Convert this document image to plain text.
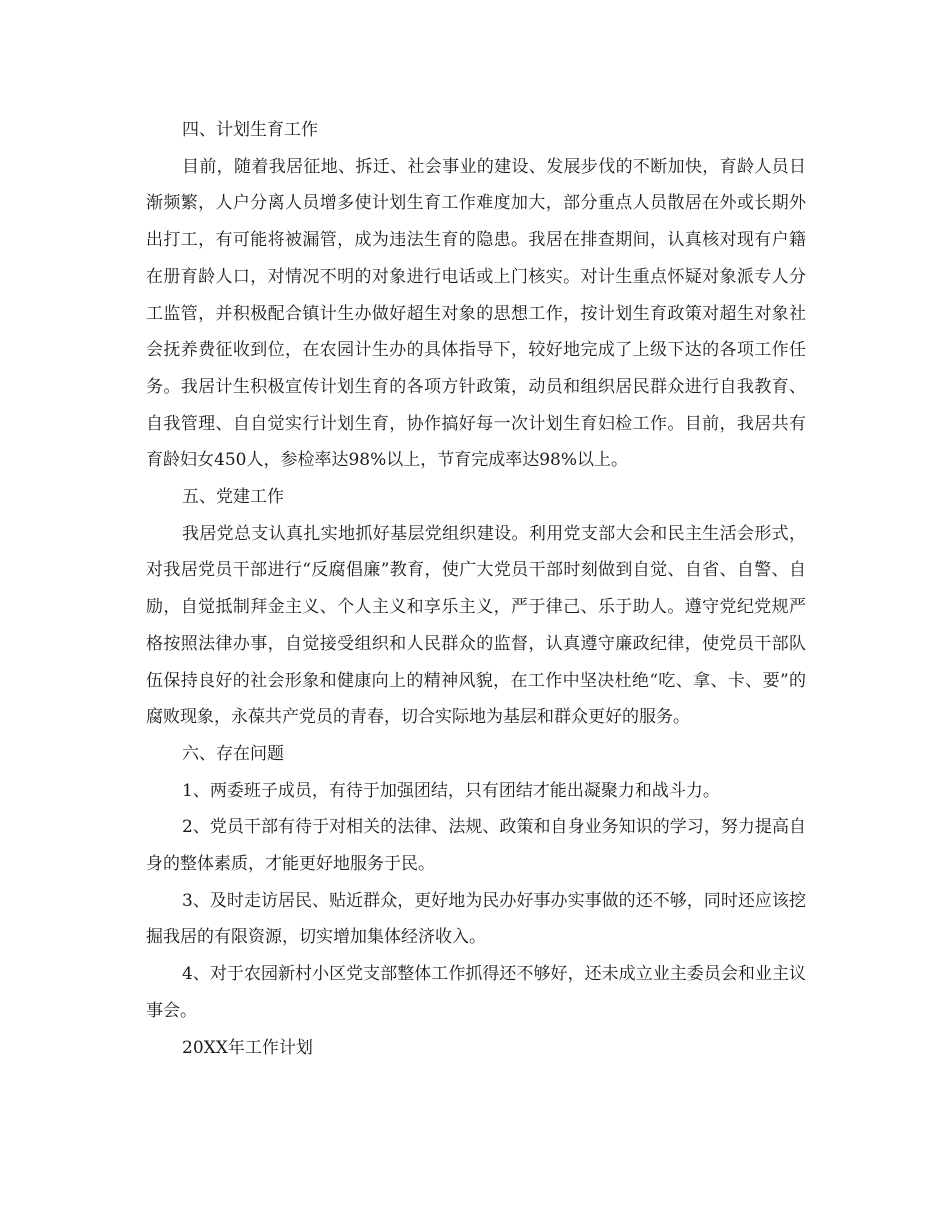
四、计划生育工作

目前，随着我居征地、拆迁、社会事业的建设、发展步伐的不断加快，育龄人员日渐频繁，人户分离人员增多使计划生育工作难度加大，部分重点人员散居在外或长期外出打工，有可能将被漏管，成为违法生育的隐患。我居在排查期间，认真核对现有户籍在册育龄人口，对情况不明的对象进行电话或上门核实。对计生重点怀疑对象派专人分工监管，并积极配合镇计生办做好超生对象的思想工作，按计划生育政策对超生对象社会抚养费征收到位，在农园计生办的具体指导下，较好地完成了上级下达的各项工作任务。我居计生积极宣传计划生育的各项方针政策，动员和组织居民群众进行自我教育、自我管理、自自觉实行计划生育，协作搞好每一次计划生育妇检工作。目前，我居共有育龄妇女450人，参检率达98%以上，节育完成率达98%以上。

五、党建工作

我居党总支认真扎实地抓好基层党组织建设。利用党支部大会和民主生活会形式，对我居党员干部进行“反腐倡廉”教育，使广大党员干部时刻做到自觉、自省、自警、自励，自觉抵制拜金主义、个人主义和享乐主义，严于律己、乐于助人。遵守党纪党规严格按照法律办事，自觉接受组织和人民群众的监督，认真遵守廉政纪律，使党员干部队伍保持良好的社会形象和健康向上的精神风貌，在工作中坚决杜绝“吃、拿、卡、要”的腐败现象，永葆共产党员的青春，切合实际地为基层和群众更好的服务。

六、存在问题

1、两委班子成员，有待于加强团结，只有团结才能出凝聚力和战斗力。

2、党员干部有待于对相关的法律、法规、政策和自身业务知识的学习，努力提高自身的整体素质，才能更好地服务于民。

3、及时走访居民、贴近群众，更好地为民办好事办实事做的还不够，同时还应该挖掘我居的有限资源，切实增加集体经济收入。

4、对于农园新村小区党支部整体工作抓得还不够好，还未成立业主委员会和业主议事会。

20XX年工作计划
